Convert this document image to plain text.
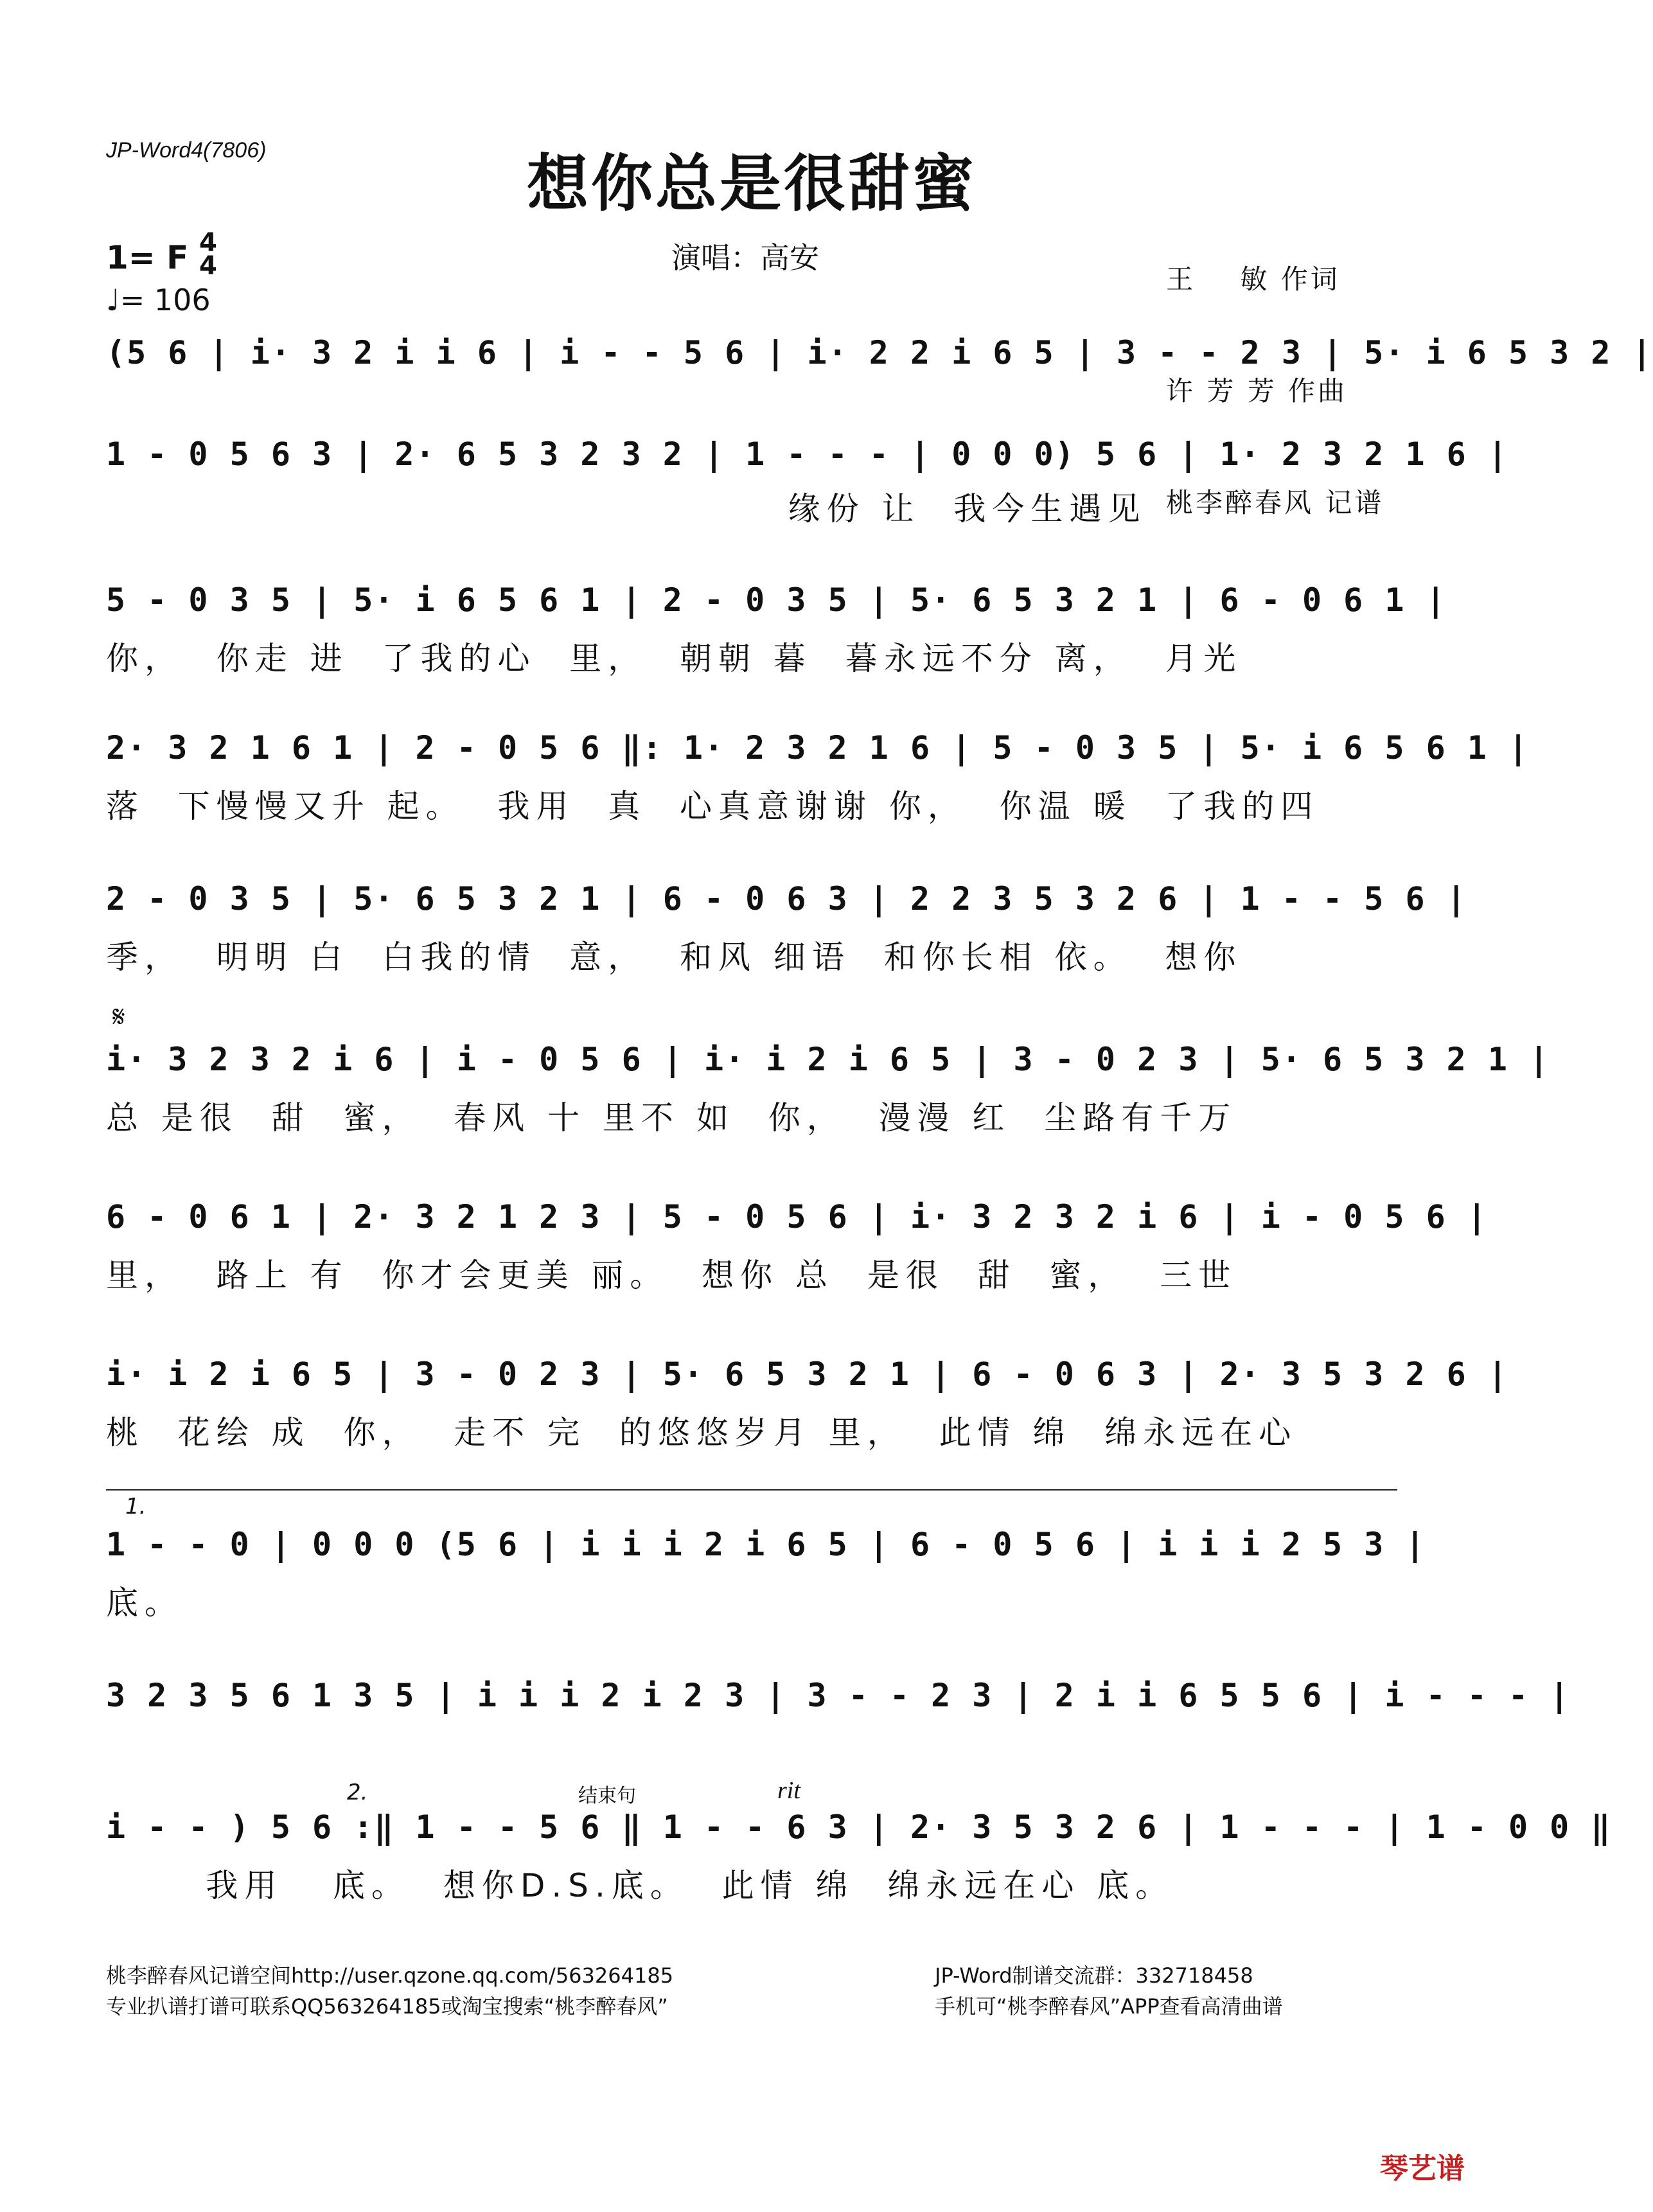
JP-Word4(7806)	想你总是很甜蜜
演唱：高安

王    敏 作词

许 芳 芳 作曲

桃李醉春风 记谱

1= F 4
4
♩= 106
(5 6 | i· 3 2 i i 6 | i - - 5 6 | i· 2 2 i 6 5 | 3 - - 2 3 | 5· i 6 5 3 2 |
1 - 0 5 6 3 | 2· 6 5 3 2 3 2 | 1 - - - | 0 0 0) 5 6 | 1· 2 3 2 1 6 |
缘份 让  我今生遇见
5 - 0 3 5 | 5· i 6 5 6 1 | 2 - 0 3 5 | 5· 6 5 3 2 1 | 6 - 0 6 1 |
你，  你走 进  了我的心  里，  朝朝 暮  暮永远不分 离，  月光
2· 3 2 1 6 1 | 2 - 0 5 6 ‖: 1· 2 3 2 1 6 | 5 - 0 3 5 | 5· i 6 5 6 1 |
落  下慢慢又升 起。  我用  真  心真意谢谢 你，  你温 暖  了我的四
2 - 0 3 5 | 5· 6 5 3 2 1 | 6 - 0 6 3 | 2 2 3 5 3 2 6 | 1 - - 5 6 |
季，  明明 白  白我的情  意，  和风 细语  和你长相 依。  想你
𝄋
i· 3 2 3 2 i 6 | i - 0 5 6 | i· i 2 i 6 5 | 3 - 0 2 3 | 5· 6 5 3 2 1 |
总 是很  甜  蜜，  春风 十 里不 如  你，  漫漫 红  尘路有千万
6 - 0 6 1 | 2· 3 2 1 2 3 | 5 - 0 5 6 | i· 3 2 3 2 i 6 | i - 0 5 6 |
里，  路上 有  你才会更美 丽。  想你 总  是很  甜  蜜，  三世
i· i 2 i 6 5 | 3 - 0 2 3 | 5· 6 5 3 2 1 | 6 - 0 6 3 | 2· 3 5 3 2 6 |
桃  花绘 成  你，  走不 完  的悠悠岁月 里，  此情 绵  绵永远在心
1.
1 - - 0 | 0 0 0 (5 6 | i i i 2 i 6 5 | 6 - 0 5 6 | i i i 2 5 3 |
底。
3 2 3 5 6 1 3 5 | i i i 2 i 2 3 | 3 - - 2 3 | 2 i i 6 5 5 6 | i - - - |
2.	结束句	rit
i - - ) 5 6 :‖ 1 - - 5 6 ‖ 1 - - 6 3 | 2· 3 5 3 2 6 | 1 - - - | 1 - 0 0 ‖
我用   底。  想你D.S.底。  此情 绵  绵永远在心 底。
桃李醉春风记谱空间http://user.qzone.qq.com/563264185
专业扒谱打谱可联系QQ563264185或淘宝搜索“桃李醉春风”
JP-Word制谱交流群：332718458
手机可“桃李醉春风”APP查看高清曲谱
琴艺谱
